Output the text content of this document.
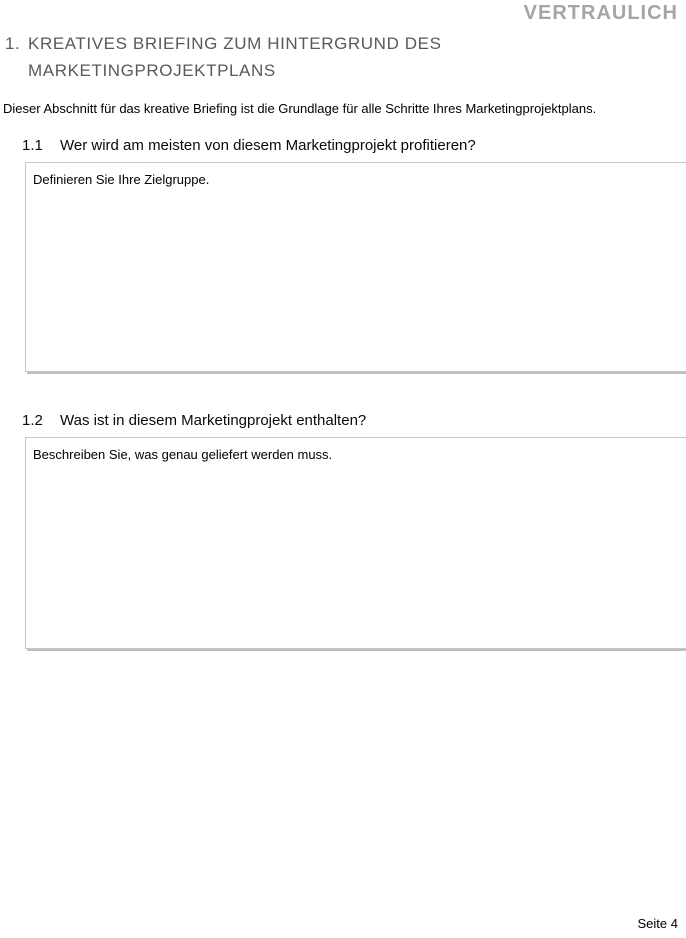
VERTRAULICH
1. KREATIVES BRIEFING ZUM HINTERGRUND DES MARKETINGPROJEKTPLANS
Dieser Abschnitt für das kreative Briefing ist die Grundlage für alle Schritte Ihres Marketingprojektplans.
1.1	Wer wird am meisten von diesem Marketingprojekt profitieren?
Definieren Sie Ihre Zielgruppe.
1.2	Was ist in diesem Marketingprojekt enthalten?
Beschreiben Sie, was genau geliefert werden muss.
Seite 4
